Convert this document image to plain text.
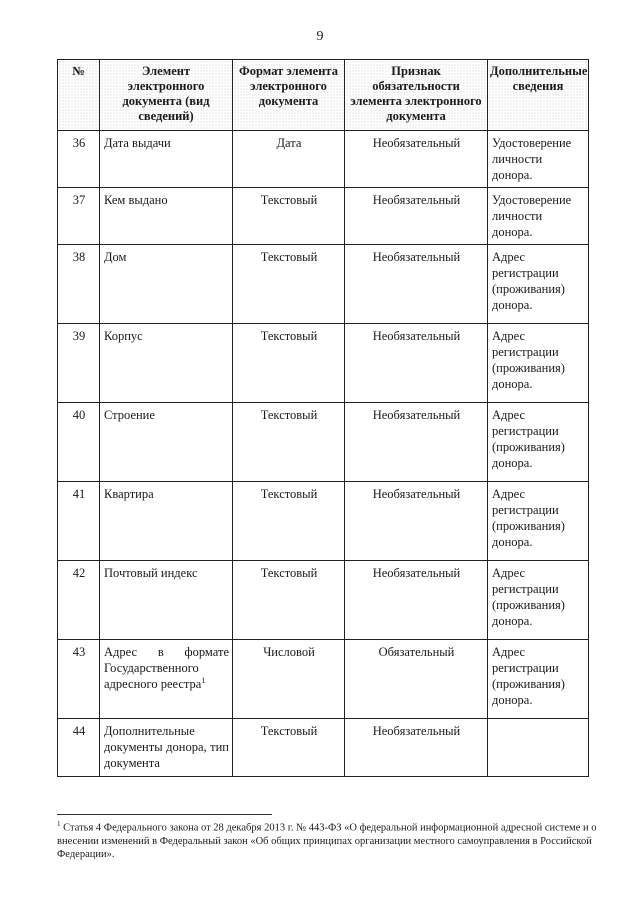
9
№	Элемент электронного документа (вид сведений)	Формат элемента электронного документа	Признак обязательности элемента электронного документа	Дополнительные сведения
36	Дата выдачи	Дата	Необязательный	Удостоверение личности донора.
37	Кем выдано	Текстовый	Необязательный	Удостоверение личности донора.
38	Дом	Текстовый	Необязательный	Адрес регистрации (проживания) донора.
39	Корпус	Текстовый	Необязательный	Адрес регистрации (проживания) донора.
40	Строение	Текстовый	Необязательный	Адрес регистрации (проживания) донора.
41	Квартира	Текстовый	Необязательный	Адрес регистрации (проживания) донора.
42	Почтовый индекс	Текстовый	Необязательный	Адрес регистрации (проживания) донора.
43	Адрес в формате Государственного адресного реестра$^1$	Числовой	Обязательный	Адрес регистрации (проживания) донора.
44	Дополнительные документы донора, тип документа	Текстовый	Необязательный	
$^1$ Статья 4 Федерального закона от 28 декабря 2013 г. № 443-ФЗ «О федеральной информационной адресной системе и о внесении изменений в Федеральный закон «Об общих принципах организации местного самоуправления в Российской Федерации».
